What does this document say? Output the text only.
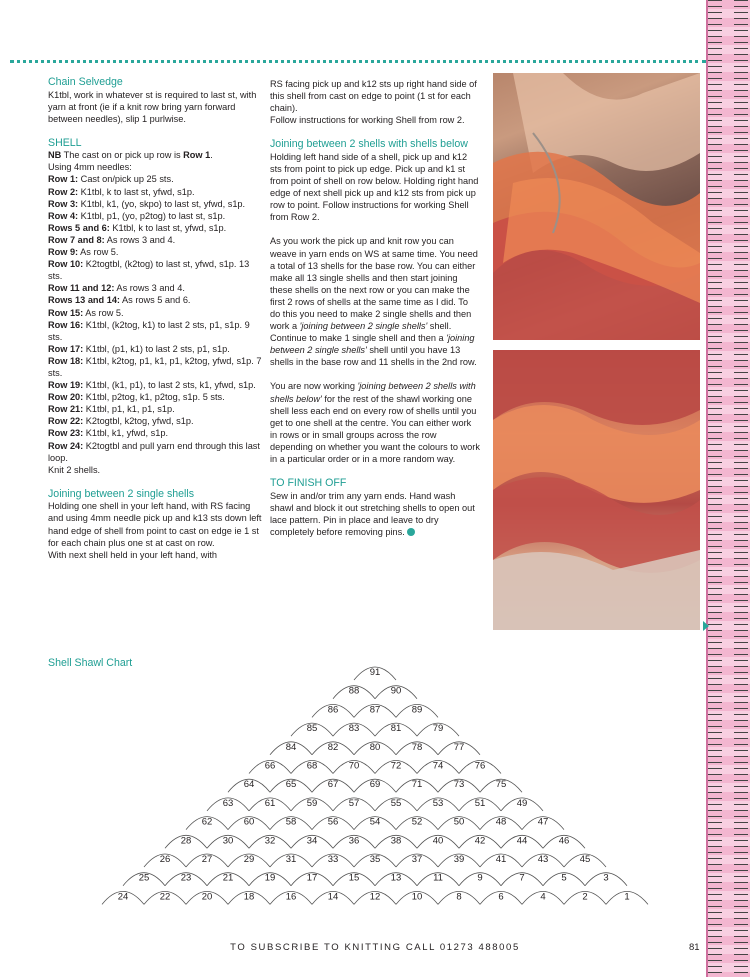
Chain Selvedge

K1tbl, work in whatever st is required to last st, with yarn at front (ie if a knit row bring yarn forward between needles), slip 1 purlwise.

SHELL

NB The cast on or pick up row is Row 1.

Using 4mm needles:

Row 1: Cast on/pick up 25 sts.

Row 2: K1tbl, k to last st, yfwd, s1p.

Row 3: K1tbl, k1, (yo, skpo) to last st, yfwd, s1p.

Row 4: K1tbl, p1, (yo, p2tog) to last st, s1p.

Rows 5 and 6: K1tbl, k to last st, yfwd, s1p.

Row 7 and 8: As rows 3 and 4.

Row 9: As row 5.

Row 10: K2togtbl, (k2tog) to last st, yfwd, s1p. 13 sts.

Row 11 and 12: As rows 3 and 4.

Rows 13 and 14: As rows 5 and 6.

Row 15: As row 5.

Row 16: K1tbl, (k2tog, k1) to last 2 sts, p1, s1p. 9 sts.

Row 17: K1tbl, (p1, k1) to last 2 sts, p1, s1p.

Row 18: K1tbl, k2tog, p1, k1, p1, k2tog, yfwd, s1p. 7 sts.

Row 19: K1tbl, (k1, p1), to last 2 sts, k1, yfwd, s1p.

Row 20: K1tbl, p2tog, k1, p2tog, s1p. 5 sts.

Row 21: K1tbl, p1, k1, p1, s1p.

Row 22: K2togtbl, k2tog, yfwd, s1p.

Row 23: K1tbl, k1, yfwd, s1p.

Row 24: K2togtbl and pull yarn end through this last loop.

Knit 2 shells.

Joining between 2 single shells

Holding one shell in your left hand, with RS facing and using 4mm needle pick up and k13 sts down left hand edge of shell from point to cast on edge ie 1 st for each chain plus one st at cast on row.

With next shell held in your left hand, with

RS facing pick up and k12 sts up right hand side of this shell from cast on edge to point (1 st for each chain).

Follow instructions for working Shell from row 2.

Joining between 2 shells with shells below

Holding left hand side of a shell, pick up and k12 sts from point to pick up edge. Pick up and k1 st from point of shell on row below. Holding right hand edge of next shell pick up and k12 sts from pick up row to point. Follow instructions for working Shell from Row 2.

As you work the pick up and knit row you can weave in yarn ends on WS at same time. You need a total of 13 shells for the base row. You can either make all 13 single shells and then start joining these shells on the next row or you can make the first 2 rows of shells at the same time as I did. To do this you need to make 2 single shells and then work a 'joining between 2 single shells' shell. Continue to make 1 single shell and then a 'joining between 2 single shells' shell until you have 13 shells in the base row and 11 shells in the 2nd row.

You are now working 'joining between 2 shells with shells below' for the rest of the shawl working one shell less each end on every row of shells until you get to one shell at the centre. You can either work in rows or in small groups across the row depending on whether you want the colours to work in a particular order or in a more random way.

TO FINISH OFF

Sew in and/or trim any yarn ends. Hand wash shawl and block it out stretching shells to open out lace pattern. Pin in place and leave to dry completely before removing pins.

Shell Shawl Chart
91
88	90
86	87	89
85	83	81	79
84	82	80	78	77
66	68	70	72	74	76
64	65	67	69	71	73	75
63	61	59	57	55	53	51	49
62	60	58	56	54	52	50	48	47
28	30	32	34	36	38	40	42	44	46
26	27	29	31	33	35	37	39	41	43	45
25	23	21	19	17	15	13	11	9	7	5	3
24	22	20	18	16	14	12	10	8	6	4	2	1
TO SUBSCRIBE TO KNITTING CALL 01273 488005	81
